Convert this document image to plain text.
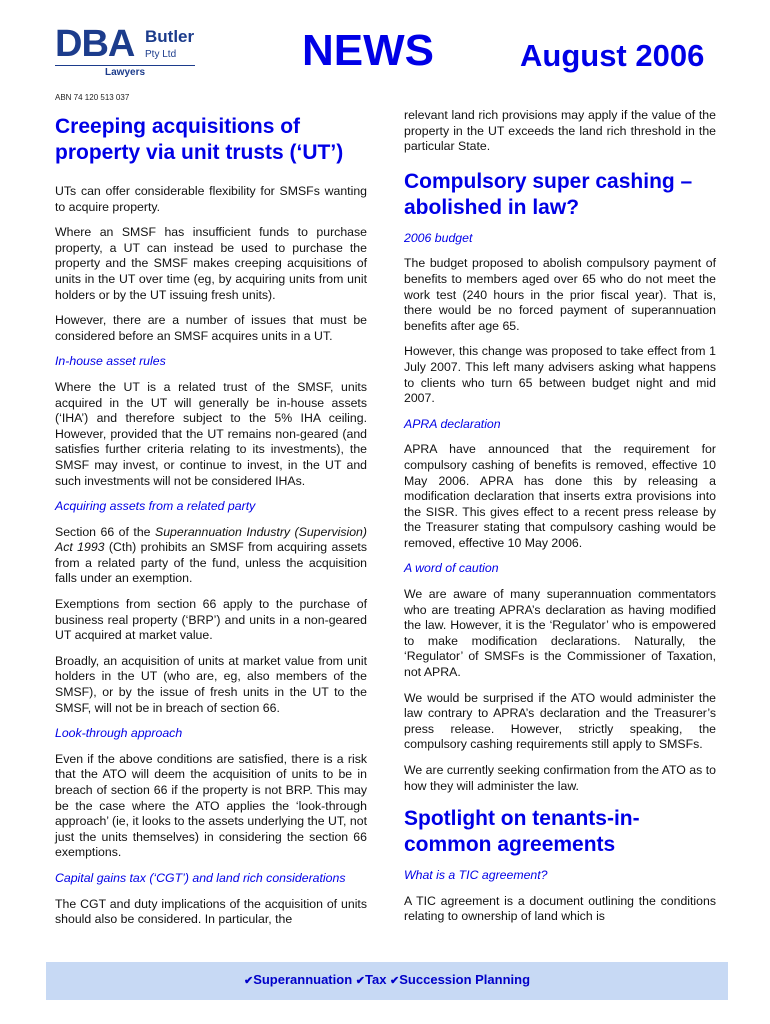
DBA Butler
Pty Ltd
Lawyers
ABN 74 120 513 037
NEWS	August 2006
Creeping acquisitions of property via unit trusts (‘UT’)

UTs can offer considerable flexibility for SMSFs wanting to acquire property.

Where an SMSF has insufficient funds to purchase property, a UT can instead be used to purchase the property and the SMSF makes creeping acquisitions of units in the UT over time (eg, by acquiring units from unit holders or by the UT issuing fresh units).

However, there are a number of issues that must be considered before an SMSF acquires units in a UT.

In-house asset rules

Where the UT is a related trust of the SMSF, units acquired in the UT will generally be in-house assets (‘IHA’) and therefore subject to the 5% IHA ceiling. However, provided that the UT remains non-geared (and satisfies further criteria relating to its investments), the SMSF may invest, or continue to invest, in the UT and such investments will not be considered IHAs.

Acquiring assets from a related party

Section 66 of the Superannuation Industry (Supervision) Act 1993 (Cth) prohibits an SMSF from acquiring assets from a related party of the fund, unless the acquisition falls under an exemption.

Exemptions from section 66 apply to the purchase of business real property (‘BRP’) and units in a non-geared UT acquired at market value.

Broadly, an acquisition of units at market value from unit holders in the UT (who are, eg, also members of the SMSF), or by the issue of fresh units in the UT to the SMSF, will not be in breach of section 66.

Look-through approach

Even if the above conditions are satisfied, there is a risk that the ATO will deem the acquisition of units to be in breach of section 66 if the property is not BRP. This may be the case where the ATO applies the ‘look-through approach’ (ie, it looks to the assets underlying the UT, not just the units themselves) in considering the section 66 exemptions.

Capital gains tax (‘CGT’) and land rich considerations

The CGT and duty implications of the acquisition of units should also be considered. In particular, the

relevant land rich provisions may apply if the value of the property in the UT exceeds the land rich threshold in the particular State.

Compulsory super cashing – abolished in law?
2006 budget

The budget proposed to abolish compulsory payment of benefits to members aged over 65 who do not meet the work test (240 hours in the prior fiscal year). That is, there would be no forced payment of superannuation benefits after age 65.

However, this change was proposed to take effect from 1 July 2007. This left many advisers asking what happens to clients who turn 65 between budget night and mid 2007.

APRA declaration

APRA have announced that the requirement for compulsory cashing of benefits is removed, effective 10 May 2006. APRA has done this by releasing a modification declaration that inserts extra provisions into the SISR. This gives effect to a recent press release by the Treasurer stating that compulsory cashing would be removed, effective 10 May 2006.

A word of caution

We are aware of many superannuation commentators who are treating APRA’s declaration as having modified the law. However, it is the ‘Regulator’ who is empowered to make modification declarations. Naturally, the ‘Regulator’ of SMSFs is the Commissioner of Taxation, not APRA.

We would be surprised if the ATO would administer the law contrary to APRA’s declaration and the Treasurer’s press release. However, strictly speaking, the compulsory cashing requirements still apply to SMSFs.

We are currently seeking confirmation from the ATO as to how they will administer the law.

Spotlight on tenants-in-common agreements
What is a TIC agreement?

A TIC agreement is a document outlining the conditions relating to ownership of land which is

✔Superannuation ✔Tax ✔Succession Planning
